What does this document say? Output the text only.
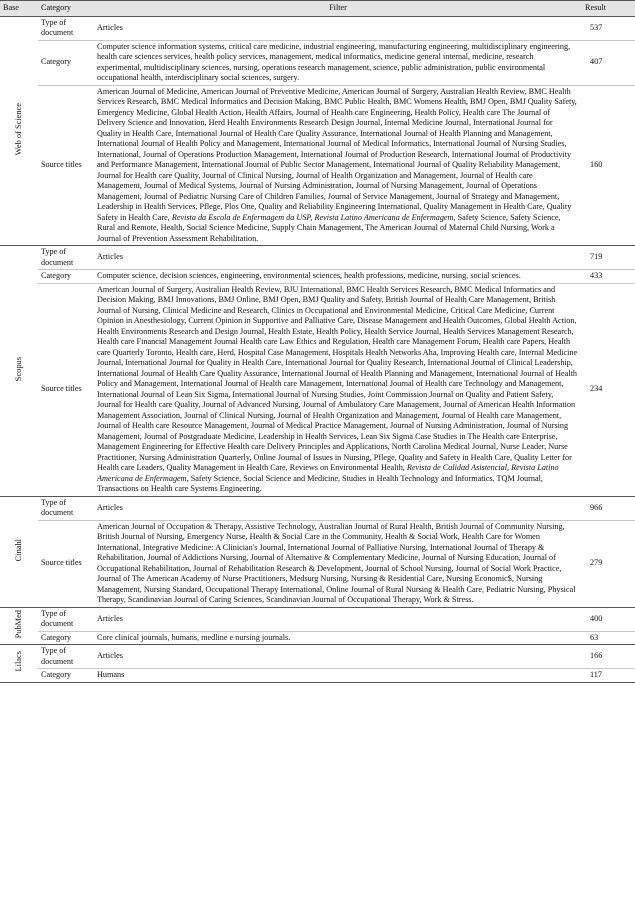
Base	Category	Filter	Result
Web of Science	Type of document	Articles	537
	Category	Computer science information systems, critical care medicine, industrial engineering, manufacturing engineering, multidisciplinary engineering, health care sciences services, health policy services, management, medical informatics, medicine general internal, medicine, research experimental, multidisciplinary sciences, nursing, operations research management, science, public administration, public environmental occupational health, interdisciplinary social sciences, surgery.	407
	Source titles	American Journal of Medicine, American Journal of Preventive Medicine, American Journal of Surgery, Australian Health Review, BMC Health Services Research, BMC Medical Informatics and Decision Making, BMC Public Health, BMC Womens Health, BMJ Open, BMJ Quality Safety, Emergency Medicine, Global Health Action, Health Affairs, Journal of Health care Engineering, Health Policy, Health care The Journal of Delivery Science and Innovation, Herd Health Environments Research Design Journal, Internal Medicine Journal, International Journal for Quality in Health Care, International Journal of Health Care Quality Assurance, International Journal of Health Planning and Management, International Journal of Health Policy and Management, International Journal of Medical Informatics, International Journal of Nursing Studies, International, Journal of Operations Production Management, International Journal of Production Research, International Journal of Productivity and Performance Management, International Journal of Public Sector Management, International Journal of Quality Reliability Management, Journal for Health care Quality, Journal of Clinical Nursing, Journal of Health Organization and Management, Journal of Health care Management, Journal of Medical Systems, Journal of Nursing Administration, Journal of Nursing Management, Journal of Operations Management, Journal of Pediatric Nursing Care of Children Families, Journal of Service Management, Journal of Strategy and Management, Leadership in Health Services, Pflege, Plos One, Quality and Reliability Engineering International, Quality Management in Health Care, Quality Safety in Health Care, Revista da Escola de Enfermagem da USP, Revista Latino Americana de Enfermagem, Safety Science, Safety Science, Rural and Remote, Health, Social Science Medicine, Supply Chain Management, The American Journal of Maternal Child Nursing, Work a Journal of Prevention Assessment Rehabilitation.	160
Scopus	Type of document	Articles	719
	Category	Computer science, decision sciences, engineering, environmental sciences, health professions, medicine, nursing, social sciences.	433
	Source titles	American Journal of Surgery, Australian Health Review, BJU International, BMC Health Services Research, BMC Medical Informatics and Decision Making, BMJ Innovations, BMJ Online, BMJ Open, BMJ Quality and Safety, British Journal of Health Care Management, British Journal of Nursing, Clinical Medicine and Research, Clinics in Occupational and Environmental Medicine, Critical Care Medicine, Current Opinion in Anesthesiology, Current Opinion in Supportive and Palliative Care, Disease Management and Health Outcomes, Global Health Action, Health Environments Research and Design Journal, Health Estate, Health Policy, Health Service Journal, Health Services Management Research, Health care Financial Management Journal Health care Law Ethics and Regulation, Health care Management Forum, Health care Papers, Health care Quarterly Toronto, Health care, Herd, Hospital Case Management, Hospitals Health Networks Aha, Improving Health care, Internal Medicine Journal, International Journal for Quality in Health Care, International Journal for Quality Research, International Journal of Clinical Leadership, International Journal of Health Care Quality Assurance, International Journal of Health Planning and Management, International Journal of Health Policy and Management, International Journal of Health care Management, International Journal of Health care Technology and Management, International Journal of Lean Six Sigma, International Journal of Nursing Studies, Joint Commission Journal on Quality and Patient Safety, Journal for Health care Quality, Journal of Advanced Nursing, Journal of Ambulatory Care Management, Journal of American Health Information Management Association, Journal of Clinical Nursing, Journal of Health Organization and Management, Journal of Health care Management, Journal of Health care Resource Management, Journal of Medical Practice Management, Journal of Nursing Administration, Journal of Nursing Management, Journal of Postgraduate Medicine, Leadership in Health Services, Lean Six Sigma Case Studies in The Health care Enterprise, Management Engineering for Effective Health care Delivery Principles and Applications, North Carolina Medical Journal, Nurse Leader, Nurse Practitioner, Nursing Administration Quarterly, Online Journal of Issues in Nursing, Pflege, Quality and Safety in Health Care, Quality Letter for Health care Leaders, Quality Management in Health Care, Reviews on Environmental Health, Revista de Calidad Asistencial, Revista Latino Americana de Enfermagem, Safety Science, Social Science and Medicine, Studies in Health Technology and Informatics, TQM Journal, Transactions on Health care Systems Engineering.	234
Cinahl	Type of document	Articles	966
	Source titles	American Journal of Occupation & Therapy, Assistive Technology, Australian Journal of Rural Health, British Journal of Community Nursing, British Journal of Nursing, Emergency Nurse, Health & Social Care in the Community, Health & Social Work, Health Care for Women International, Integrative Medicine: A Clinician's Journal, International Journal of Palliative Nursing, International Journal of Therapy & Rehabilitation, Journal of Addictions Nursing, Journal of Alternative & Complementary Medicine, Journal of Nursing Education, Journal of Occupational Rehabilitation, Journal of Rehabilitation Research & Development, Journal of School Nursing, Journal of Social Work Practice, Journal of The American Academy of Nurse Practitioners, Medsurg Nursing, Nursing & Residential Care, Nursing Economic$, Nursing Management, Nursing Standard, Occupational Therapy International, Online Journal of Rural Nursing & Health Care, Pediatric Nursing, Physical Therapy, Scandinavian Journal of Caring Sciences, Scandinavian Journal of Occupational Therapy, Work & Stress.	279
PubMed	Type of document	Articles	400
	Category	Core clinical journals, humans, medline e nursing journals.	63
Lilacs	Type of document	Articles	166
	Category	Humans	117
